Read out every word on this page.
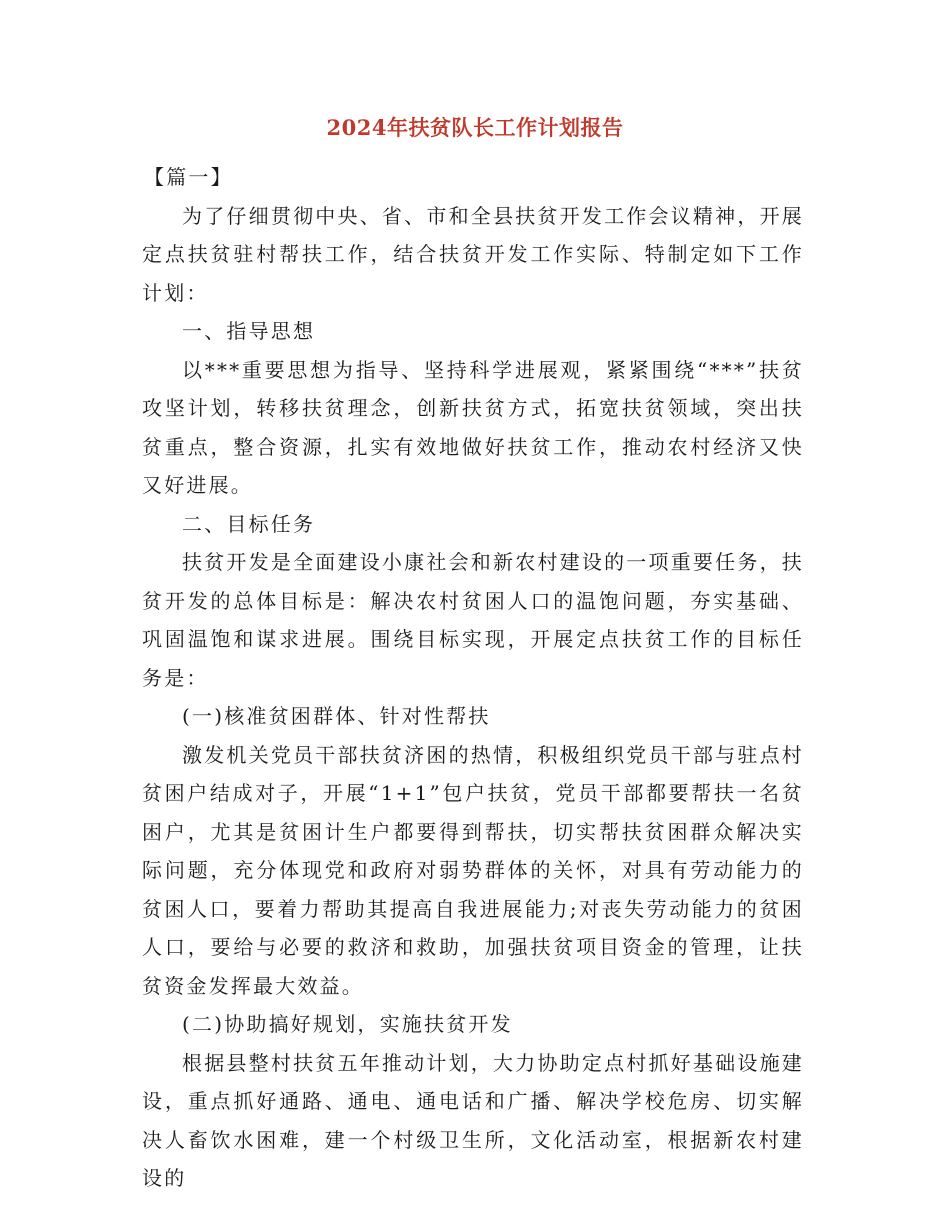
2024年扶贫队长工作计划报告

【篇一】

为了仔细贯彻中央、省、市和全县扶贫开发工作会议精神，开展定点扶贫驻村帮扶工作，结合扶贫开发工作实际、特制定如下工作计划：

一、指导思想

以***重要思想为指导、坚持科学进展观，紧紧围绕“***”扶贫攻坚计划，转移扶贫理念，创新扶贫方式，拓宽扶贫领域，突出扶贫重点，整合资源，扎实有效地做好扶贫工作，推动农村经济又快又好进展。

二、目标任务

扶贫开发是全面建设小康社会和新农村建设的一项重要任务，扶贫开发的总体目标是：解决农村贫困人口的温饱问题，夯实基础、巩固温饱和谋求进展。围绕目标实现，开展定点扶贫工作的目标任务是：

(一)核准贫困群体、针对性帮扶

激发机关党员干部扶贫济困的热情，积极组织党员干部与驻点村贫困户结成对子，开展“1+1”包户扶贫，党员干部都要帮扶一名贫困户，尤其是贫困计生户都要得到帮扶，切实帮扶贫困群众解决实际问题，充分体现党和政府对弱势群体的关怀，对具有劳动能力的贫困人口，要着力帮助其提高自我进展能力;对丧失劳动能力的贫困人口，要给与必要的救济和救助，加强扶贫项目资金的管理，让扶贫资金发挥最大效益。

(二)协助搞好规划，实施扶贫开发

根据县整村扶贫五年推动计划，大力协助定点村抓好基础设施建设，重点抓好通路、通电、通电话和广播、解决学校危房、切实解决人畜饮水困难，建一个村级卫生所，文化活动室，根据新农村建设的
